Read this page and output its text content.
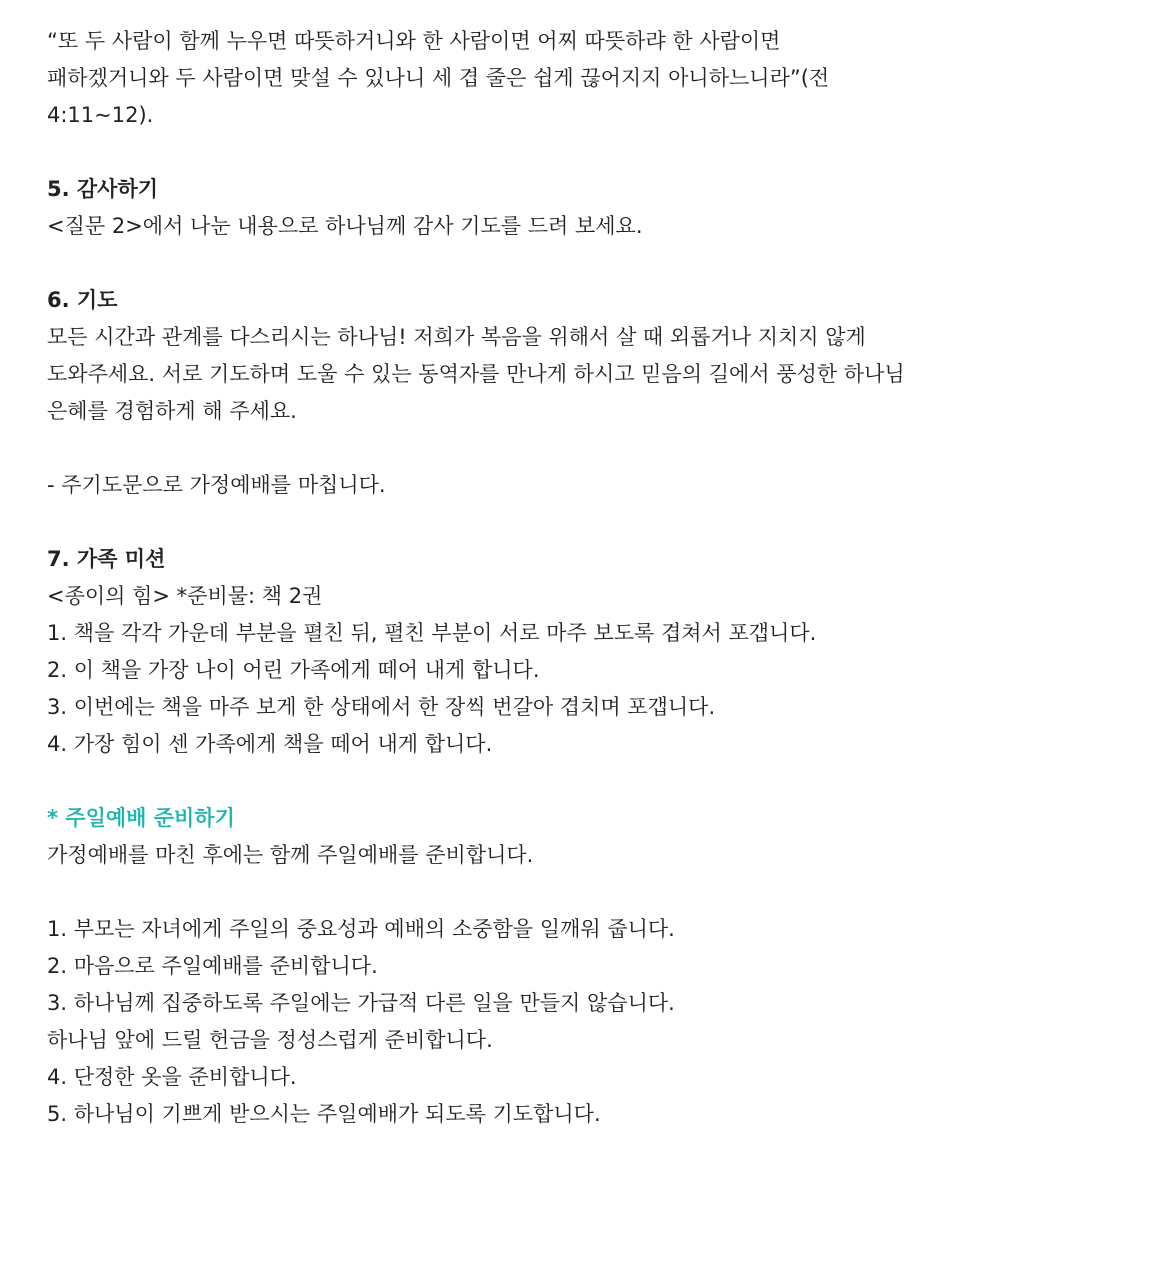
“또 두 사람이 함께 누우면 따뜻하거니와 한 사람이면 어찌 따뜻하랴 한 사람이면
패하겠거니와 두 사람이면 맞설 수 있나니 세 겹 줄은 쉽게 끊어지지 아니하느니라”(전
4:11~12).
5. 감사하기
<질문 2>에서 나눈 내용으로 하나님께 감사 기도를 드려 보세요.
6. 기도
모든 시간과 관계를 다스리시는 하나님! 저희가 복음을 위해서 살 때 외롭거나 지치지 않게
도와주세요. 서로 기도하며 도울 수 있는 동역자를 만나게 하시고 믿음의 길에서 풍성한 하나님
은혜를 경험하게 해 주세요.
- 주기도문으로 가정예배를 마칩니다.
7. 가족 미션
<종이의 힘> *준비물: 책 2권
1. 책을 각각 가운데 부분을 펼친 뒤, 펼친 부분이 서로 마주 보도록 겹쳐서 포갭니다.
2. 이 책을 가장 나이 어린 가족에게 떼어 내게 합니다.
3. 이번에는 책을 마주 보게 한 상태에서 한 장씩 번갈아 겹치며 포갭니다.
4. 가장 힘이 센 가족에게 책을 떼어 내게 합니다.
* 주일예배 준비하기
가정예배를 마친 후에는 함께 주일예배를 준비합니다.
1. 부모는 자녀에게 주일의 중요성과 예배의 소중함을 일깨워 줍니다.
2. 마음으로 주일예배를 준비합니다.
3. 하나님께 집중하도록 주일에는 가급적 다른 일을 만들지 않습니다.
하나님 앞에 드릴 헌금을 정성스럽게 준비합니다.
4. 단정한 옷을 준비합니다.
5. 하나님이 기쁘게 받으시는 주일예배가 되도록 기도합니다.
